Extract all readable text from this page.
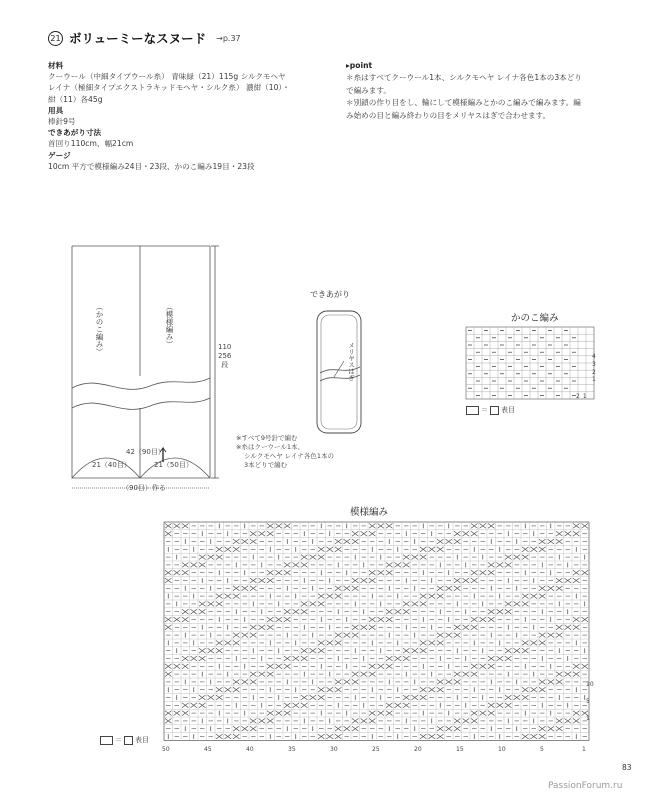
21 ボリューミーなスヌード →p.37
材料
クーウール（中細タイプウール糸） 青味緑（21）115g シルクモヘヤ
レイナ（極細タイプエクストラキッドモヘヤ・シルク糸） 濃紺（10）・
紺（11）各45g
用具
棒針9号
できあがり寸法
首回り110cm、幅21cm
ゲージ
10cm 平方で模様編み24目・23段、かのこ編み19目・23段
▸point
＊糸はすべてクーウール1本、シルクモヘヤ レイナ各色1本の3本どり
で編みます。
＊別鎖の作り目をし、輪にして模様編みとかのこ編みで編みます。編
み始めの目と編み終わりの目をメリヤスはぎで合わせます。
（かのこ編み）	（模様編み）	110
256
段
42（90目）
21（40目）	21（50目）
（90目）作る
※すべて9号針で編む
※糸はクーウール1本、
シルクモヘヤ レイナ各色1本の
3本どりで編む
できあがり
メリヤスはぎ
かのこ編み
4
3
2
1
2 1
＝ 表目
模様編み
＝ 表目
10
5
1
50	45	40	35	30	25	20	15	10	5	1
83
PassionForum.ru
